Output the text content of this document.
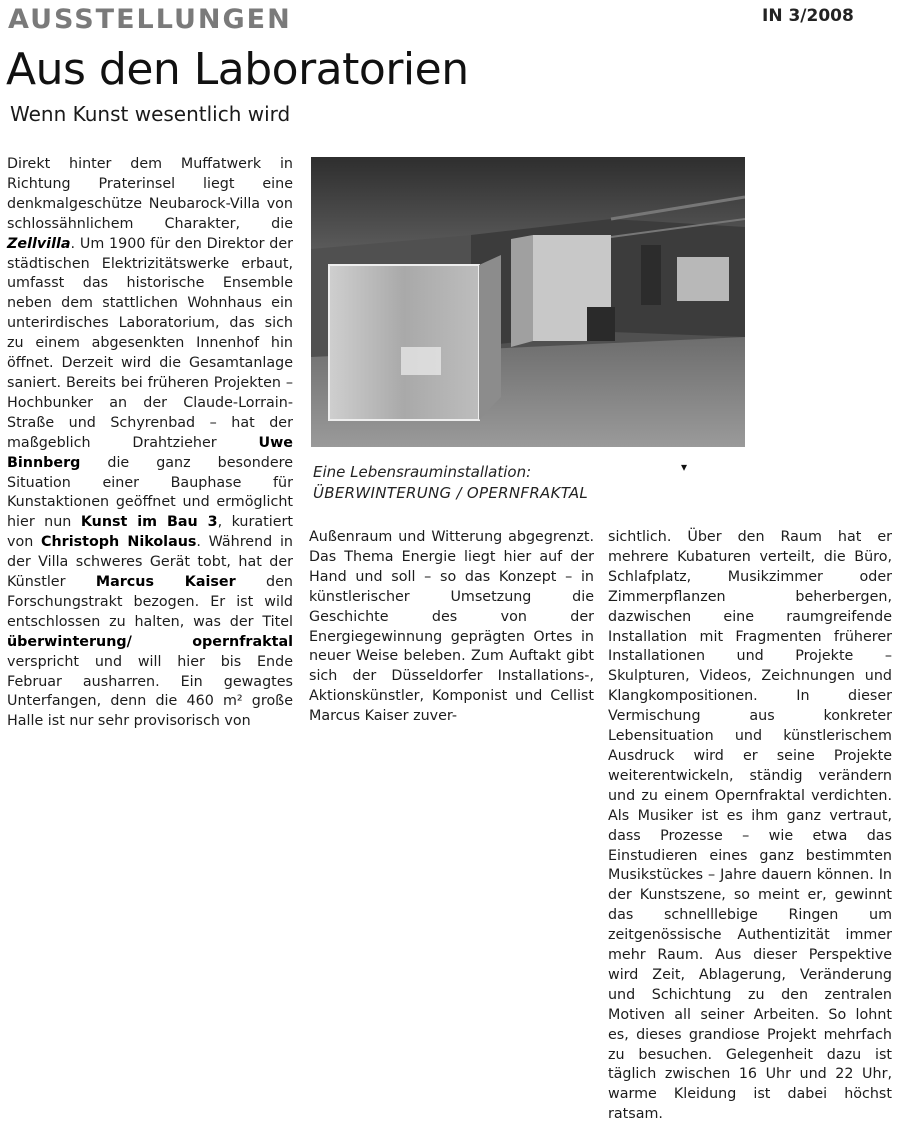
AUSSTELLUNGEN	IN 3/2008
Aus den Laboratorien
Wenn Kunst wesentlich wird
Direkt hinter dem Muffatwerk in Richtung Praterinsel liegt eine denkmalgeschütze Neubarock-Villa von schlossähnlichem Charakter, die Zellvilla. Um 1900 für den Direktor der städtischen Elektrizitätswerke erbaut, umfasst das historische Ensemble neben dem stattlichen Wohnhaus ein unterirdisches Laboratorium, das sich zu einem abgesenkten Innenhof hin öffnet. Derzeit wird die Gesamtanlage saniert. Bereits bei früheren Projekten – Hochbunker an der Claude-Lorrain-Straße und Schyrenbad – hat der maßgeblich Drahtzieher Uwe Binnberg die ganz besondere Situation einer Bauphase für Kunstaktionen geöffnet und ermöglicht hier nun Kunst im Bau 3, kuratiert von Christoph Nikolaus. Während in der Villa schweres Gerät tobt, hat der Künstler Marcus Kaiser den Forschungstrakt bezogen. Er ist wild entschlossen zu halten, was der Titel überwinterung/ opernfraktal verspricht und will hier bis Ende Februar ausharren. Ein gewagtes Unterfangen, denn die 460 m² große Halle ist nur sehr provisorisch von
Eine Lebensrauminstallation:
ÜBERWINTERUNG / OPERNFRAKTAL
▾
Außenraum und Witterung abgegrenzt. Das Thema Energie liegt hier auf der Hand und soll – so das Konzept – in künstlerischer Umsetzung die Geschichte des von der Energiegewinnung geprägten Ortes in neuer Weise beleben. Zum Auftakt gibt sich der Düsseldorfer Installations-, Aktionskünstler, Komponist und Cellist Marcus Kaiser zuver-
sichtlich. Über den Raum hat er mehrere Kubaturen verteilt, die Büro, Schlafplatz, Musikzimmer oder Zimmerpflanzen beherbergen, dazwischen eine raumgreifende Installation mit Fragmenten früherer Installationen und Projekte – Skulpturen, Videos, Zeichnungen und Klangkompositionen. In dieser Vermischung aus konkreter Lebensituation und künstlerischem Ausdruck wird er seine Projekte weiterentwickeln, ständig verändern und zu einem Opernfraktal verdichten. Als Musiker ist es ihm ganz vertraut, dass Prozesse – wie etwa das Einstudieren eines ganz bestimmten Musikstückes – Jahre dauern können. In der Kunstszene, so meint er, gewinnt das schnelllebige Ringen um zeitgenössische Authentizität immer mehr Raum. Aus dieser Perspektive wird Zeit, Ablagerung, Veränderung und Schichtung zu den zentralen Motiven all seiner Arbeiten. So lohnt es, dieses grandiose Projekt mehrfach zu besuchen. Gelegenheit dazu ist täglich zwischen 16 Uhr und 22 Uhr, warme Kleidung ist dabei höchst ratsam.
